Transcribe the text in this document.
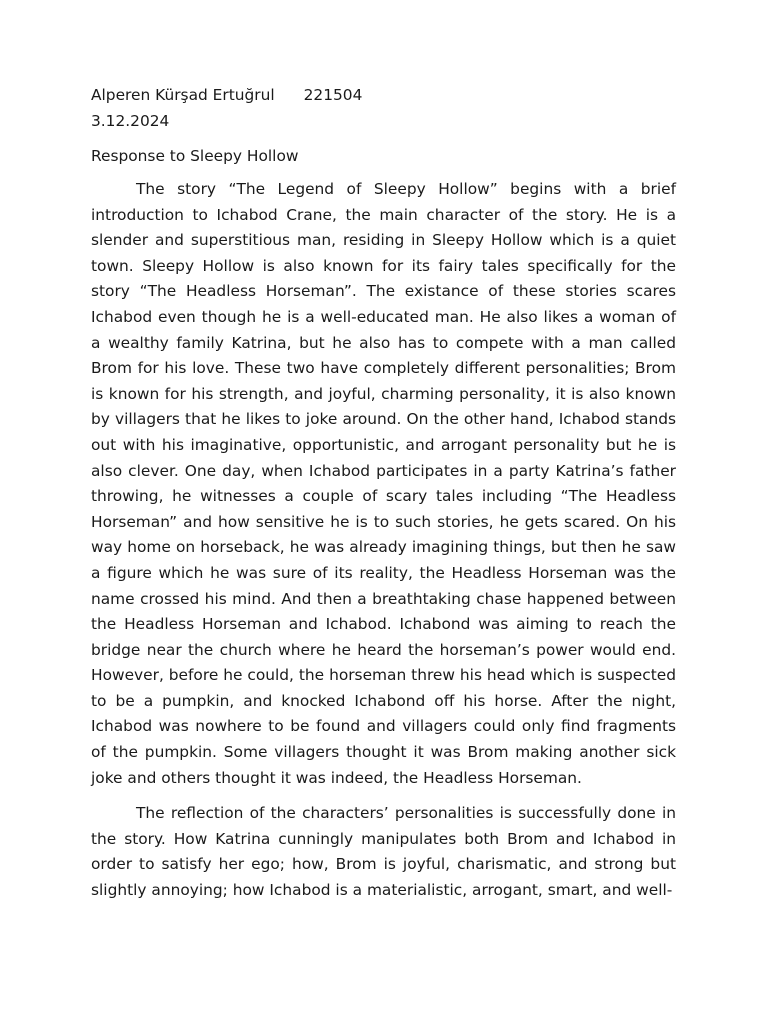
Alperen Kürşad Ertuğrul 221504
3.12.2024
Response to Sleepy Hollow

The story “The Legend of Sleepy Hollow” begins with a brief introduction to Ichabod Crane, the main character of the story. He is a slender and superstitious man, residing in Sleepy Hollow which is a quiet town. Sleepy Hollow is also known for its fairy tales specifically for the story “The Headless Horseman”. The existance of these stories scares Ichabod even though he is a well-educated man. He also likes a woman of a wealthy family Katrina, but he also has to compete with a man called Brom for his love. These two have completely different personalities; Brom is known for his strength, and joyful, charming personality, it is also known by villagers that he likes to joke around. On the other hand, Ichabod stands out with his imaginative, opportunistic, and arrogant personality but he is also clever. One day, when Ichabod participates in a party Katrina’s father throwing, he witnesses a couple of scary tales including “The Headless Horseman” and how sensitive he is to such stories, he gets scared. On his way home on horseback, he was already imagining things, but then he saw a figure which he was sure of its reality, the Headless Horseman was the name crossed his mind. And then a breathtaking chase happened between the Headless Horseman and Ichabod. Ichabond was aiming to reach the bridge near the church where he heard the horseman’s power would end. However, before he could, the horseman threw his head which is suspected to be a pumpkin, and knocked Ichabond off his horse. After the night, Ichabod was nowhere to be found and villagers could only find fragments of the pumpkin. Some villagers thought it was Brom making another sick joke and others thought it was indeed, the Headless Horseman.

The reflection of the characters’ personalities is successfully done in the story. How Katrina cunningly manipulates both Brom and Ichabod in order to satisfy her ego; how, Brom is joyful, charismatic, and strong but slightly annoying; how Ichabod is a materialistic, arrogant, smart, and well-
